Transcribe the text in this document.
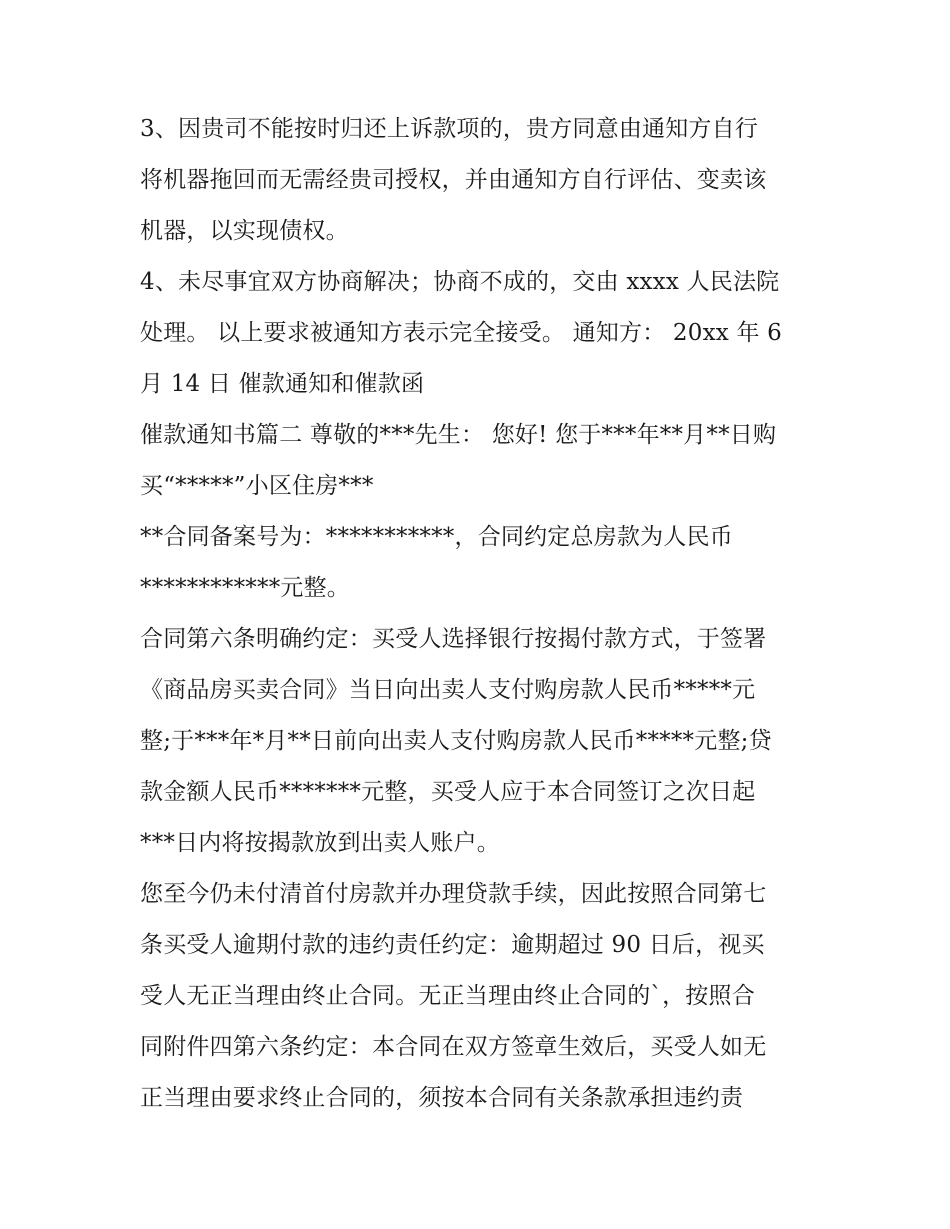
3、因贵司不能按时归还上诉款项的，贵方同意由通知方自行
将机器拖回而无需经贵司授权，并由通知方自行评估、变卖该
机器，以实现债权。
4、未尽事宜双方协商解决；协商不成的，交由 xxxx 人民法院
处理。 以上要求被通知方表示完全接受。 通知方： 20xx 年 6
月 14 日 催款通知和催款函
催款通知书篇二 尊敬的***先生： 您好! 您于***年**月**日购
买“*****”小区住房***
**合同备案号为：***********，合同约定总房款为人民币
************元整。
合同第六条明确约定：买受人选择银行按揭付款方式，于签署
《商品房买卖合同》当日向出卖人支付购房款人民币*****元
整;于***年*月**日前向出卖人支付购房款人民币*****元整;贷
款金额人民币*******元整，买受人应于本合同签订之次日起
***日内将按揭款放到出卖人账户。
您至今仍未付清首付房款并办理贷款手续，因此按照合同第七
条买受人逾期付款的违约责任约定：逾期超过 90 日后，视买
受人无正当理由终止合同。无正当理由终止合同的`，按照合
同附件四第六条约定：本合同在双方签章生效后，买受人如无
正当理由要求终止合同的，须按本合同有关条款承担违约责
